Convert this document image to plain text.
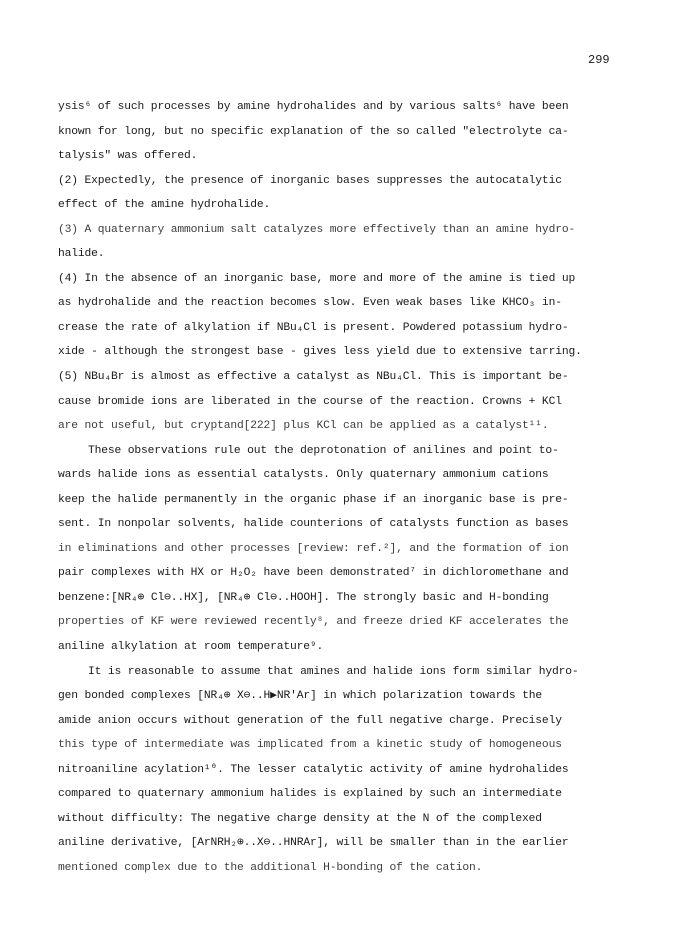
299
ysis⁶ of such processes by amine hydrohalides and by various salts⁶ have been
known for long, but no specific explanation of the so called "electrolyte ca-
talysis" was offered.
(2) Expectedly, the presence of inorganic bases suppresses the autocatalytic
effect of the amine hydrohalide.
(3) A quaternary ammonium salt catalyzes more effectively than an amine hydro-
halide.
(4) In the absence of an inorganic base, more and more of the amine is tied up
as hydrohalide and the reaction becomes slow. Even weak bases like KHCO₃ in-
crease the rate of alkylation if NBu₄Cl is present. Powdered potassium hydro-
xide - although the strongest base - gives less yield due to extensive tarring.
(5) NBu₄Br is almost as effective a catalyst as NBu₄Cl. This is important be-
cause bromide ions are liberated in the course of the reaction. Crowns + KCl
are not useful, but cryptand[222] plus KCl can be applied as a catalyst¹¹.
These observations rule out the deprotonation of anilines and point to-
wards halide ions as essential catalysts. Only quaternary ammonium cations
keep the halide permanently in the organic phase if an inorganic base is pre-
sent. In nonpolar solvents, halide counterions of catalysts function as bases
in eliminations and other processes [review: ref.²], and the formation of ion
pair complexes with HX or H₂O₂ have been demonstrated⁷ in dichloromethane and
benzene:[NR₄⊕ Cl⊖..HX], [NR₄⊕ Cl⊖..HOOH]. The strongly basic and H-bonding
properties of KF were reviewed recently⁸, and freeze dried KF accelerates the
aniline alkylation at room temperature⁹.
It is reasonable to assume that amines and halide ions form similar hydro-
gen bonded complexes [NR₄⊕ X⊖..H▶NR'Ar] in which polarization towards the
amide anion occurs without generation of the full negative charge. Precisely
this type of intermediate was implicated from a kinetic study of homogeneous
nitroaniline acylation¹⁰. The lesser catalytic activity of amine hydrohalides
compared to quaternary ammonium halides is explained by such an intermediate
without difficulty: The negative charge density at the N of the complexed
aniline derivative, [ArNRH₂⊕..X⊖..HNRAr], will be smaller than in the earlier
mentioned complex due to the additional H-bonding of the cation.
